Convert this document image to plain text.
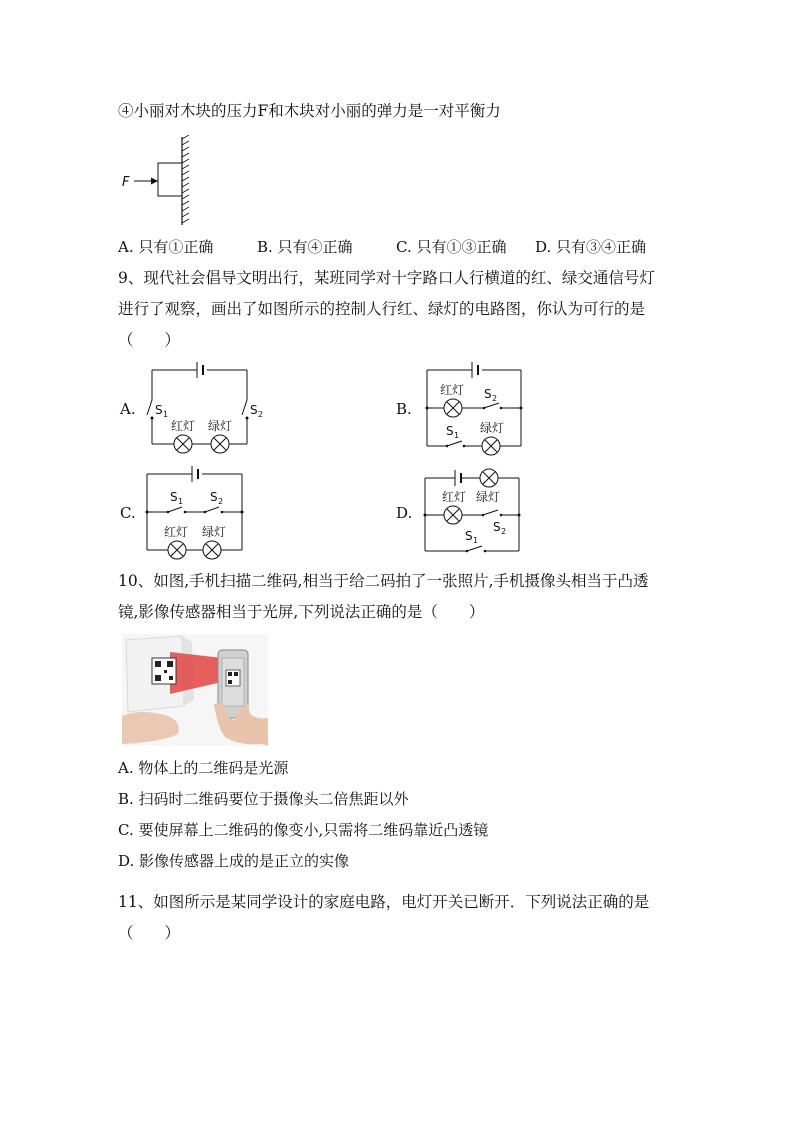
④小丽对木块的压力F和木块对小丽的弹力是一对平衡力
F
A. 只有①正确	B. 只有④正确	C. 只有①③正确 D. 只有③④正确
9、现代社会倡导文明出行，某班同学对十字路口人行横道的红、绿交通信号灯
进行了观察，画出了如图所示的控制人行红、绿灯的电路图，你认为可行的是
（　　）
A. S 1	S 2
红灯 绿灯
B.
红灯 S 2
S 1
绿灯
C.
S 1 S 2
红灯 绿灯
D.
红灯 绿灯
S 2
S 1
10、如图,手机扫描二维码,相当于给二码拍了一张照片,手机摄像头相当于凸透
镜,影像传感器相当于光屏,下列说法正确的是（　　）
A. 物体上的二维码是光源
B. 扫码时二维码要位于摄像头二倍焦距以外
C. 要使屏幕上二维码的像变小,只需将二维码靠近凸透镜
D. 影像传感器上成的是正立的实像
11、如图所示是某同学设计的家庭电路，电灯开关已断开．下列说法正确的是
（　　）
